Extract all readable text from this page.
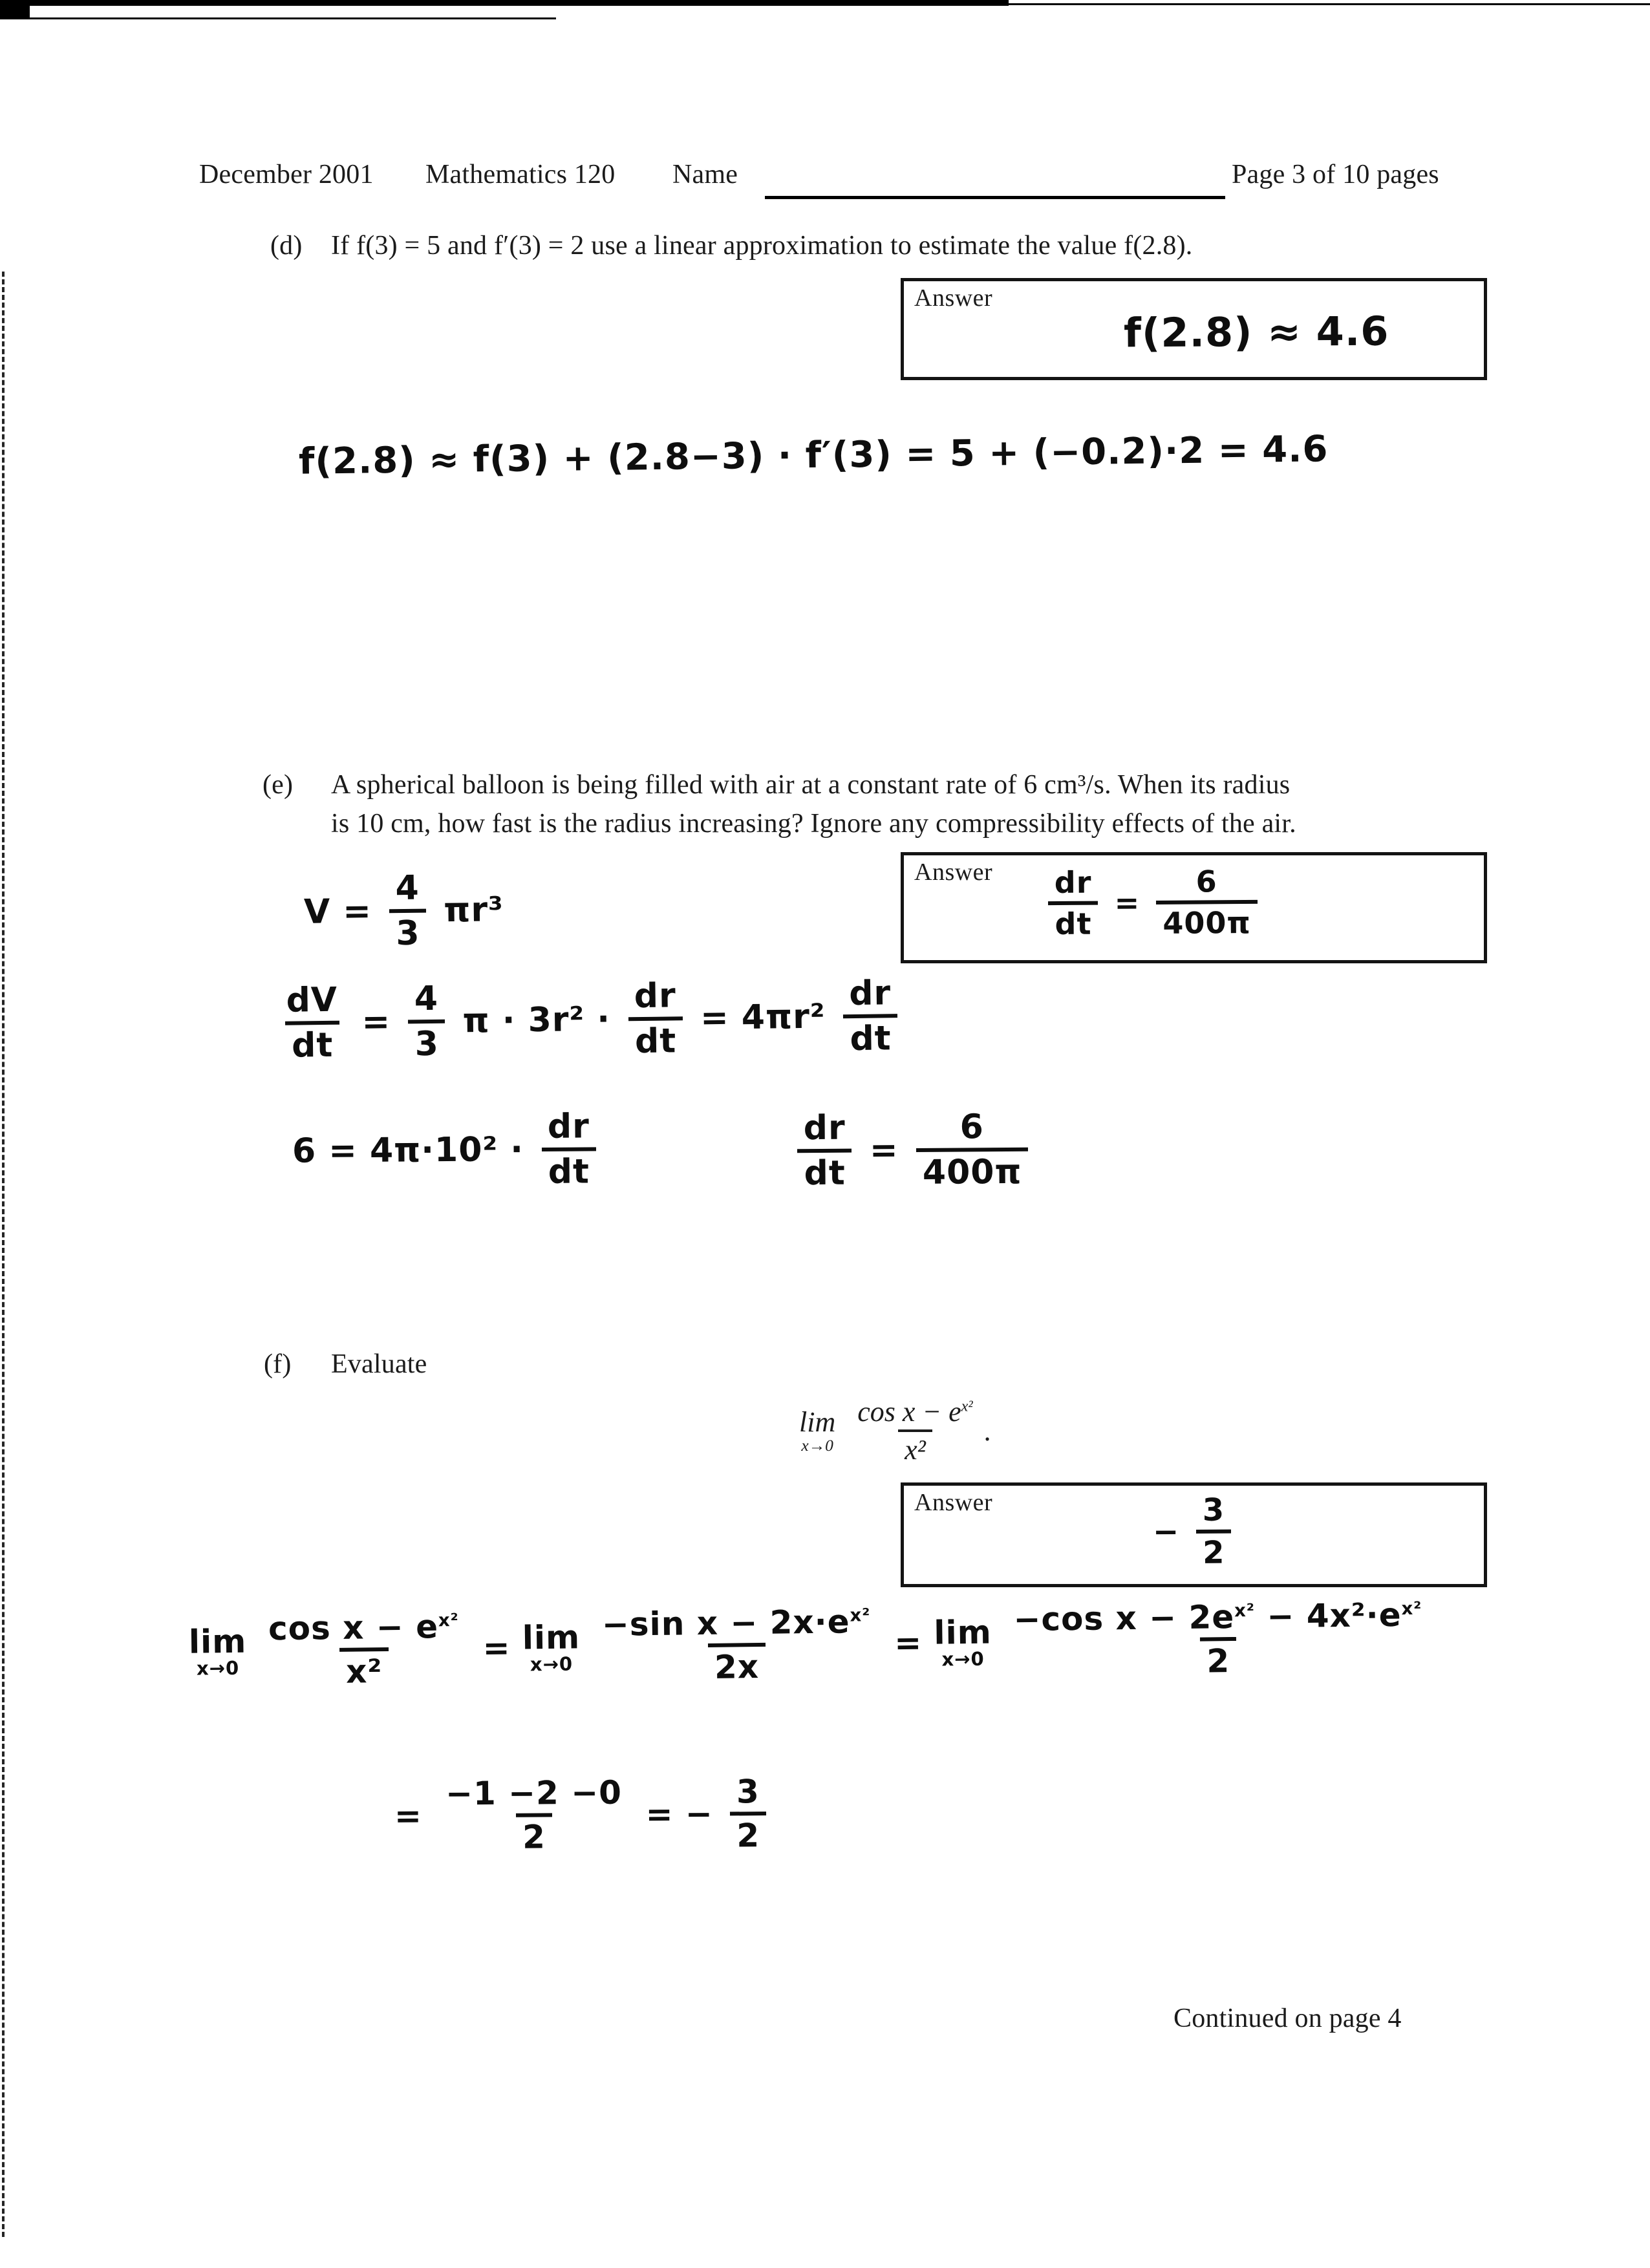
December 2001 Mathematics 120 Name	Page 3 of 10 pages
(d) If f(3) = 5 and f′(3) = 2 use a linear approximation to estimate the value f(2.8).
Answer
f(2.8) ≈ 4.6
f(2.8) ≈ f(3) + (2.8−3) · f′(3) = 5 + (−0.2)·2 = 4.6
(e) A spherical balloon is being filled with air at a constant rate of 6 cm³/s. When its radius
is 10 cm, how fast is the radius increasing? Ignore any compressibility effects of the air.
Answer $\frac{dr}{dt} = \frac{6}{400\pi}$
$V = \frac{4}{3} \pi r^3$
$\frac{dV}{dt} = \frac{4}{3}$ $\pi \cdot 3r^2 \cdot \frac{dr}{dt} = 4\pi r^2 \frac{dr}{dt}$
$6 = 4\pi\cdot 10^2 \cdot \frac{dr}{dt}$	$\frac{dr}{dt} = \frac{6}{400\pi}$
(f) Evaluate
lim
$x\to 0 \frac{\cos x - e^{x^2}}{\text{x²}}$ .
Answer
− $\frac{3}{2}$
lim
$x\to 0 \frac{\cos x - e^{x^2}}{\text{x²}} = \lim$
$x\to 0 \frac{-\sin x - 2x\cdot e^{x^2}}{2x} = \lim$
$x\to 0 \frac{-\cos x - 2 e^{x^2} - 4x^2\cdot e^{x^2}}{2}$
= $\frac{-1 -2 -0}{2}$ = − $\frac{3}{2}$
Continued on page 4
